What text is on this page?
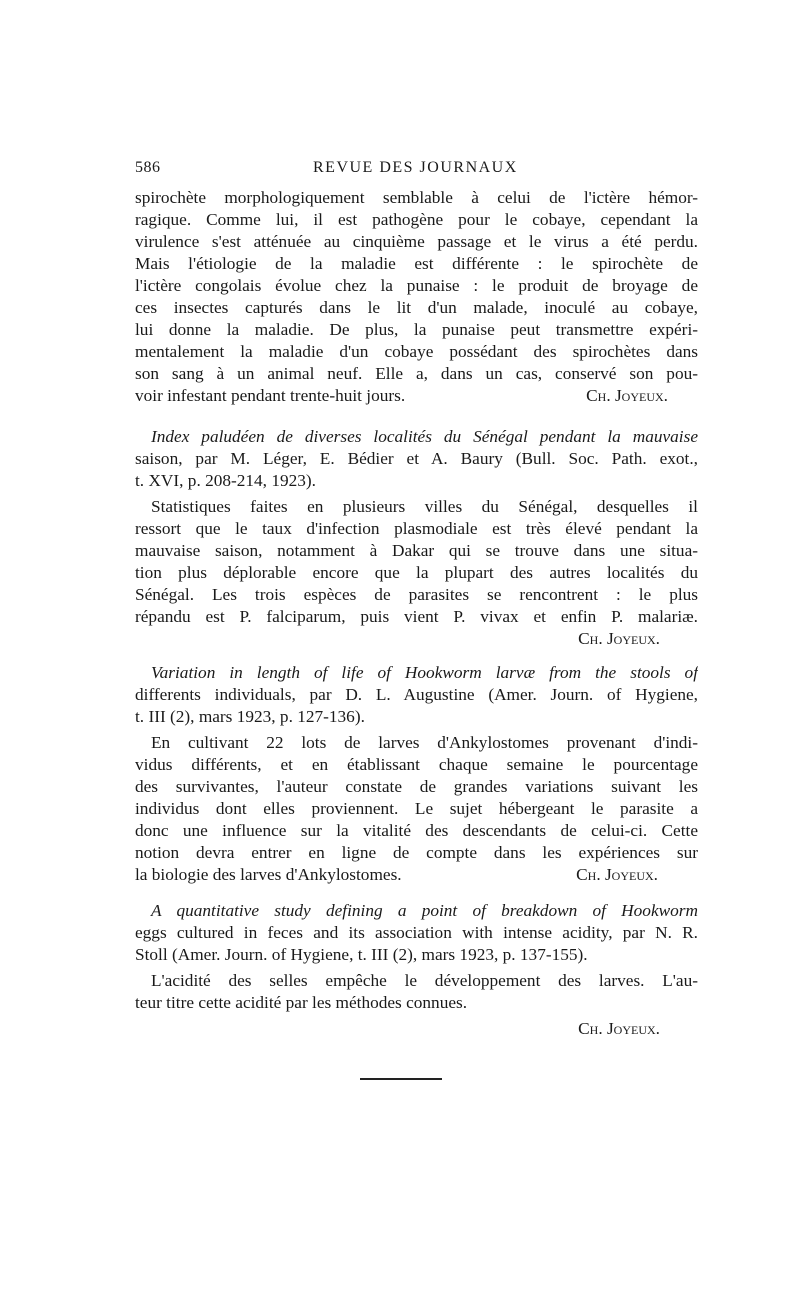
586	REVUE DES JOURNAUX
spirochète morphologiquement semblable à celui de l'ictère hémor-
ragique. Comme lui, il est pathogène pour le cobaye, cependant la
virulence s'est atténuée au cinquième passage et le virus a été perdu.
Mais l'étiologie de la maladie est différente : le spirochète de
l'ictère congolais évolue chez la punaise : le produit de broyage de
ces insectes capturés dans le lit d'un malade, inoculé au cobaye,
lui donne la maladie. De plus, la punaise peut transmettre expéri-
mentalement la maladie d'un cobaye possédant des spirochètes dans
son sang à un animal neuf. Elle a, dans un cas, conservé son pou-
voir infestant pendant trente-huit jours.	Ch. Joyeux.
Index paludéen de diverses localités du Sénégal pendant la mauvaise
saison, par M. Léger, E. Bédier et A. Baury (Bull. Soc. Path. exot.,
t. XVI, p. 208-214, 1923).
Statistiques faites en plusieurs villes du Sénégal, desquelles il
ressort que le taux d'infection plasmodiale est très élevé pendant la
mauvaise saison, notamment à Dakar qui se trouve dans une situa-
tion plus déplorable encore que la plupart des autres localités du
Sénégal. Les trois espèces de parasites se rencontrent : le plus
répandu est P. falciparum, puis vient P. vivax et enfin P. malariæ.
Ch. Joyeux.
Variation in length of life of Hookworm larvæ from the stools of
differents individuals, par D. L. Augustine (Amer. Journ. of Hygiene,
t. III (2), mars 1923, p. 127-136).
En cultivant 22 lots de larves d'Ankylostomes provenant d'indi-
vidus différents, et en établissant chaque semaine le pourcentage
des survivantes, l'auteur constate de grandes variations suivant les
individus dont elles proviennent. Le sujet hébergeant le parasite a
donc une influence sur la vitalité des descendants de celui-ci. Cette
notion devra entrer en ligne de compte dans les expériences sur
la biologie des larves d'Ankylostomes.	Ch. Joyeux.
A quantitative study defining a point of breakdown of Hookworm
eggs cultured in feces and its association with intense acidity, par N. R.
Stoll (Amer. Journ. of Hygiene, t. III (2), mars 1923, p. 137-155).
L'acidité des selles empêche le développement des larves. L'au-
teur titre cette acidité par les méthodes connues.
Ch. Joyeux.
